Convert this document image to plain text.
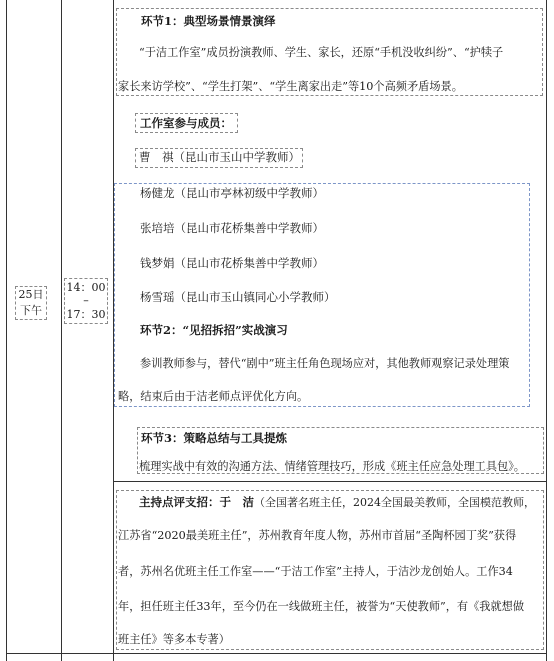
25日
下午
14：00
–
17：30
环节1：典型场景情景演绎
“于洁工作室”成员扮演教师、学生、家长，还原“手机没收纠纷”、“护犊子
家长来访学校”、“学生打架”、“学生离家出走”等10个高频矛盾场景。
工作室参与成员：
曹　祺（昆山市玉山中学教师）
杨健龙（昆山市亭林初级中学教师）
张培培（昆山市花桥集善中学教师）
钱梦娟（昆山市花桥集善中学教师）
杨雪瑶（昆山市玉山镇同心小学教师）
环节2：“见招拆招”实战演习
参训教师参与，替代“剧中”班主任角色现场应对，其他教师观察记录处理策
略，结束后由于洁老师点评优化方向。
环节3：策略总结与工具提炼
梳理实战中有效的沟通方法、情绪管理技巧，形成《班主任应急处理工具包》。
主持点评支招：于　洁（全国著名班主任，2024全国最美教师，全国模范教师，
江苏省“2020最美班主任”，苏州教育年度人物，苏州市首届“圣陶杯园丁奖”获得
者，苏州名优班主任工作室——“于洁工作室”主持人，于洁沙龙创始人。工作34
年，担任班主任33年，至今仍在一线做班主任，被誉为“天使教师”，有《我就想做
班主任》等多本专著）
